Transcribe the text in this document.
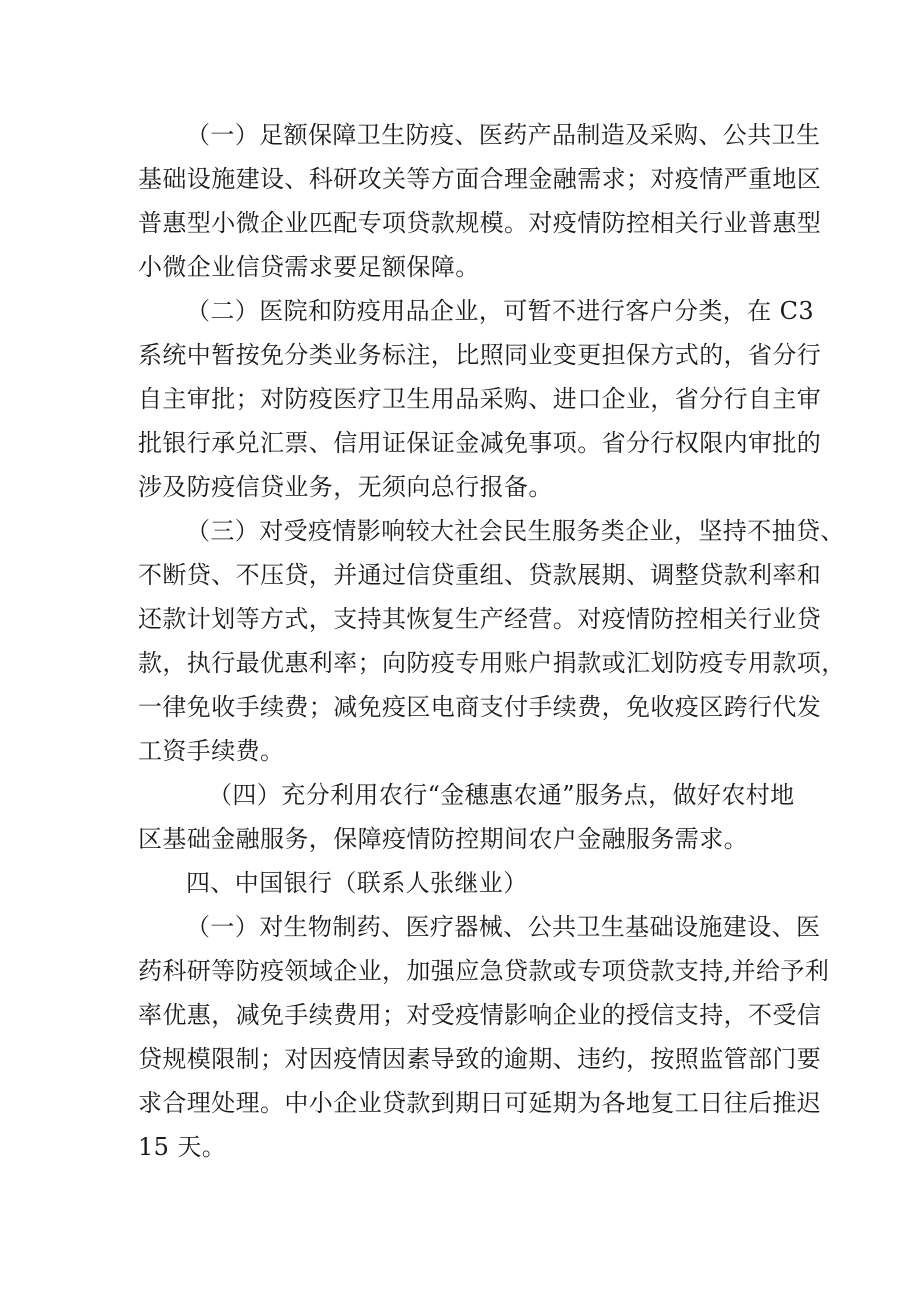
（一）足额保障卫生防疫、医药产品制造及采购、公共卫生
基础设施建设、科研攻关等方面合理金融需求；对疫情严重地区
普惠型小微企业匹配专项贷款规模。对疫情防控相关行业普惠型
小微企业信贷需求要足额保障。
（二）医院和防疫用品企业，可暂不进行客户分类，在 C3
系统中暂按免分类业务标注，比照同业变更担保方式的，省分行
自主审批；对防疫医疗卫生用品采购、进口企业，省分行自主审
批银行承兑汇票、信用证保证金减免事项。省分行权限内审批的
涉及防疫信贷业务，无须向总行报备。
（三）对受疫情影响较大社会民生服务类企业，坚持不抽贷、
不断贷、不压贷，并通过信贷重组、贷款展期、调整贷款利率和
还款计划等方式，支持其恢复生产经营。对疫情防控相关行业贷
款，执行最优惠利率；向防疫专用账户捐款或汇划防疫专用款项，
一律免收手续费；减免疫区电商支付手续费，免收疫区跨行代发
工资手续费。
（四）充分利用农行“金穗惠农通”服务点，做好农村地
区基础金融服务，保障疫情防控期间农户金融服务需求。
四、中国银行（联系人张继业）
（一）对生物制药、医疗器械、公共卫生基础设施建设、医
药科研等防疫领域企业，加强应急贷款或专项贷款支持,并给予利
率优惠，减免手续费用；对受疫情影响企业的授信支持，不受信
贷规模限制；对因疫情因素导致的逾期、违约，按照监管部门要
求合理处理。中小企业贷款到期日可延期为各地复工日往后推迟
15 天。
